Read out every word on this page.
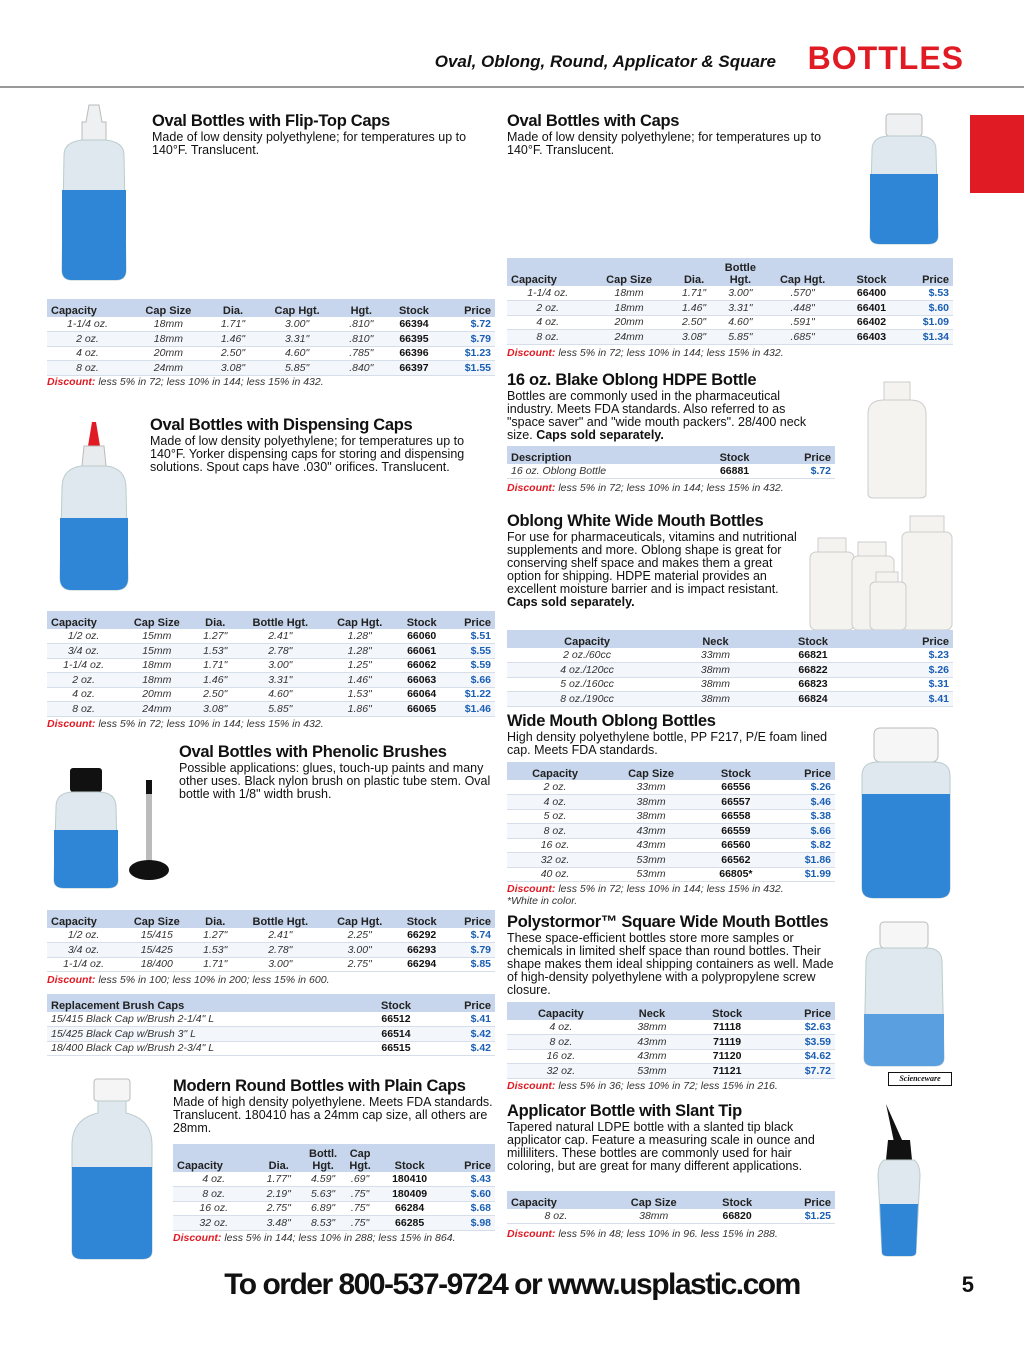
Oval, Oblong, Round, Applicator & Square BOTTLES
Scienceware
Oval Bottles with Flip-Top Caps

Made of low density polyethylene; for temperatures up to 140°F. Translucent.

Capacity	Cap Size	Dia.	Cap Hgt.	Hgt.	Stock	Price
1-1/4 oz.	18mm	1.71"	3.00"	.810"	66394	$.72
2 oz.	18mm	1.46"	3.31"	.810"	66395	$.79
4 oz.	20mm	2.50"	4.60"	.785"	66396	$1.23
8 oz.	24mm	3.08"	5.85"	.840"	66397	$1.55
Discount: less 5% in 72; less 10% in 144; less 15% in 432.
Oval Bottles with Dispensing Caps

Made of low density polyethylene; for temperatures up to 140°F. Yorker dispensing caps for storing and dispensing solutions. Spout caps have .030" orifices. Translucent.

Capacity	Cap Size	Dia.	Bottle Hgt.	Cap Hgt.	Stock	Price
1/2 oz.	15mm	1.27"	2.41"	1.28"	66060	$.51
3/4 oz.	15mm	1.53"	2.78"	1.28"	66061	$.55
1-1/4 oz.	18mm	1.71"	3.00"	1.25"	66062	$.59
2 oz.	18mm	1.46"	3.31"	1.46"	66063	$.66
4 oz.	20mm	2.50"	4.60"	1.53"	66064	$1.22
8 oz.	24mm	3.08"	5.85"	1.86"	66065	$1.46
Discount: less 5% in 72; less 10% in 144; less 15% in 432.
Oval Bottles with Phenolic Brushes

Possible applications: glues, touch-up paints and many other uses. Black nylon brush on plastic tube stem. Oval bottle with 1/8" width brush.

Capacity	Cap Size	Dia.	Bottle Hgt.	Cap Hgt.	Stock	Price
1/2 oz.	15/415	1.27"	2.41"	2.25"	66292	$.74
3/4 oz.	15/425	1.53"	2.78"	3.00"	66293	$.79
1-1/4 oz.	18/400	1.71"	3.00"	2.75"	66294	$.85
Discount: less 5% in 100; less 10% in 200; less 15% in 600.
Replacement Brush Caps	Stock	Price
15/415 Black Cap w/Brush 2-1/4" L	66512	$.41
15/425 Black Cap w/Brush 3" L	66514	$.42
18/400 Black Cap w/Brush 2-3/4" L	66515	$.42
Modern Round Bottles with Plain Caps

Made of high density polyethylene. Meets FDA standards. Translucent. 180410 has a 24mm cap size, all others are 28mm.

Capacity	Dia.	Bottl. Hgt.	Cap Hgt.	Stock	Price
4 oz.	1.77"	4.59"	.69"	180410	$.43
8 oz.	2.19"	5.63"	.75"	180409	$.60
16 oz.	2.75"	6.89"	.75"	66284	$.68
32 oz.	3.48"	8.53"	.75"	66285	$.98
Discount: less 5% in 144; less 10% in 288; less 15% in 864.
Oval Bottles with Caps

Made of low density polyethylene; for temperatures up to 140°F. Translucent.

Capacity	Cap Size	Dia.	Bottle Hgt.	Cap Hgt.	Stock	Price
1-1/4 oz.	18mm	1.71"	3.00"	.570"	66400	$.53
2 oz.	18mm	1.46"	3.31"	.448"	66401	$.60
4 oz.	20mm	2.50"	4.60"	.591"	66402	$1.09
8 oz.	24mm	3.08"	5.85"	.685"	66403	$1.34
Discount: less 5% in 72; less 10% in 144; less 15% in 432.
16 oz. Blake Oblong HDPE Bottle

Bottles are commonly used in the pharmaceutical industry. Meets FDA standards. Also referred to as "space saver" and "wide mouth packers". 28/400 neck size. Caps sold separately.

Description	Stock	Price
16 oz. Oblong Bottle	66881	$.72
Discount: less 5% in 72; less 10% in 144; less 15% in 432.
Oblong White Wide Mouth Bottles

For use for pharmaceuticals, vitamins and nutritional supplements and more. Oblong shape is great for conserving shelf space and makes them a great option for shipping. HDPE material provides an excellent moisture barrier and is impact resistant. Caps sold separately.

Capacity	Neck	Stock	Price
2 oz./60cc	33mm	66821	$.23
4 oz./120cc	38mm	66822	$.26
5 oz./160cc	38mm	66823	$.31
8 oz./190cc	38mm	66824	$.41
Wide Mouth Oblong Bottles

High density polyethylene bottle, PP F217, P/E foam lined cap. Meets FDA standards.

Capacity	Cap Size	Stock	Price
2 oz.	33mm	66556	$.26
4 oz.	38mm	66557	$.46
5 oz.	38mm	66558	$.38
8 oz.	43mm	66559	$.66
16 oz.	43mm	66560	$.82
32 oz.	53mm	66562	$1.86
40 oz.	53mm	66805*	$1.99
Discount: less 5% in 72; less 10% in 144; less 15% in 432.
*White in color.
Polystormor™ Square Wide Mouth Bottles

These space-efficient bottles store more samples or chemicals in limited shelf space than round bottles. Their shape makes them ideal shipping containers as well. Made of high-density polyethylene with a polypropylene screw closure.

Capacity	Neck	Stock	Price
4 oz.	38mm	71118	$2.63
8 oz.	43mm	71119	$3.59
16 oz.	43mm	71120	$4.62
32 oz.	53mm	71121	$7.72
Discount: less 5% in 36; less 10% in 72; less 15% in 216.
Applicator Bottle with Slant Tip

Tapered natural LDPE bottle with a slanted tip black applicator cap. Feature a measuring scale in ounce and milliliters. These bottles are commonly used for hair coloring, but are great for many different applications.

Capacity	Cap Size	Stock	Price
8 oz.	38mm	66820	$1.25
Discount: less 5% in 48; less 10% in 96. less 15% in 288.
To order 800-537-9724 or www.usplastic.com	5
